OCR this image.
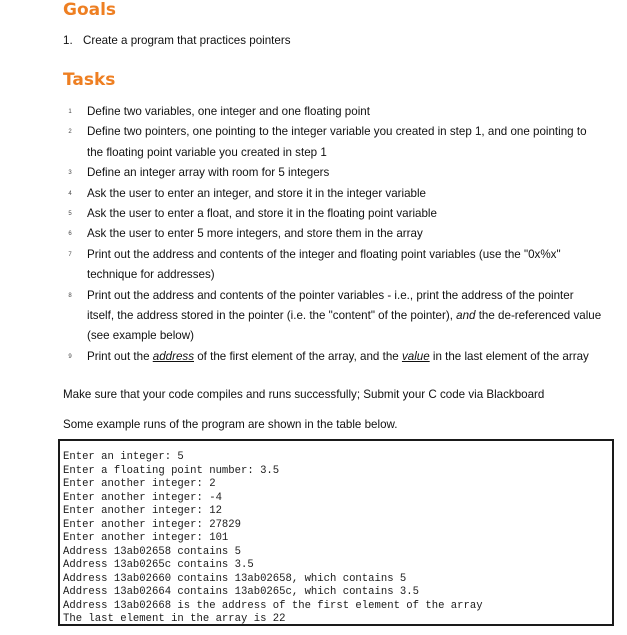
Goals
1. Create a program that practices pointers
Tasks
1	Define two variables, one integer and one floating point
2	Define two pointers, one pointing to the integer variable you created in step 1, and one pointing to the floating point variable you created in step 1
3	Define an integer array with room for 5 integers
4	Ask the user to enter an integer, and store it in the integer variable
5	Ask the user to enter a float, and store it in the floating point variable
6	Ask the user to enter 5 more integers, and store them in the array
7	Print out the address and contents of the integer and floating point variables (use the "0x%x" technique for addresses)
8	Print out the address and contents of the pointer variables - i.e., print the address of the pointer itself, the address stored in the pointer (i.e. the "content" of the pointer), and the de-referenced value (see example below)
9	Print out the address of the first element of the array, and the value in the last element of the array

Make sure that your code compiles and runs successfully; Submit your C code via Blackboard

Some example runs of the program are shown in the table below.

Enter an integer: 5
Enter a floating point number: 3.5
Enter another integer: 2
Enter another integer: -4
Enter another integer: 12
Enter another integer: 27829
Enter another integer: 101
Address 13ab02658 contains 5
Address 13ab0265c contains 3.5
Address 13ab02660 contains 13ab02658, which contains 5
Address 13ab02664 contains 13ab0265c, which contains 3.5
Address 13ab02668 is the address of the first element of the array
The last element in the array is 22
